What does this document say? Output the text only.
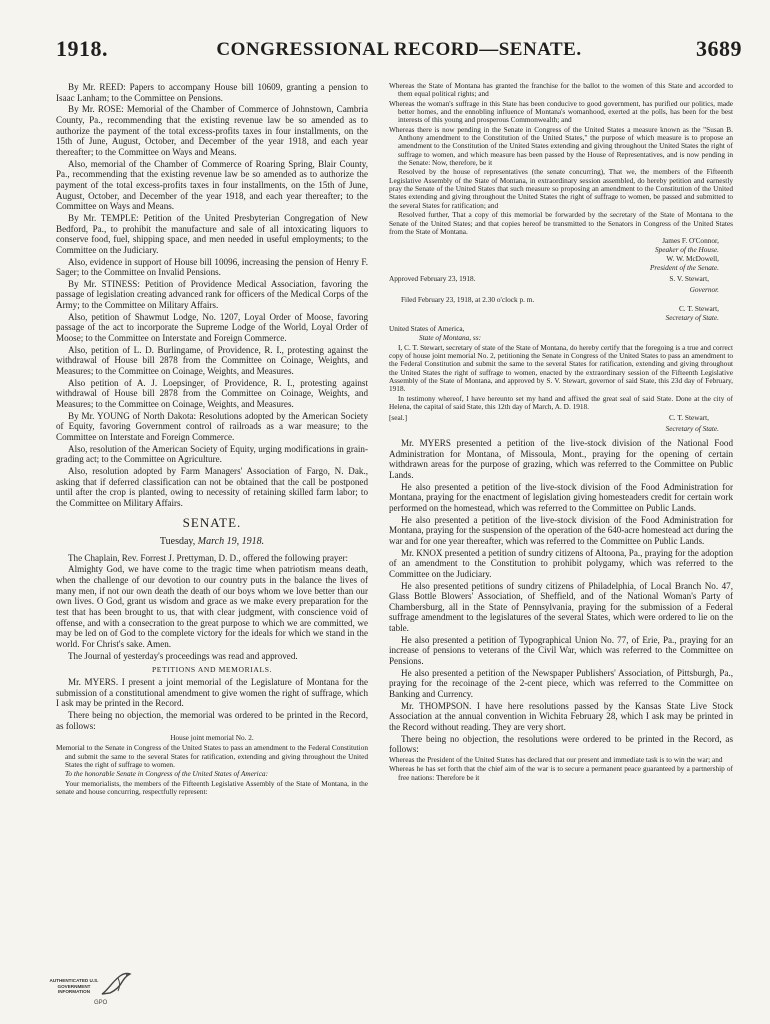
1918.	CONGRESSIONAL RECORD—SENATE.	3689

By Mr. REED: Papers to accompany House bill 10609, granting a pension to Isaac Lanham; to the Committee on Pensions.

By Mr. ROSE: Memorial of the Chamber of Commerce of Johnstown, Cambria County, Pa., recommending that the existing revenue law be so amended as to authorize the payment of the total excess-profits taxes in four installments, on the 15th of June, August, October, and December of the year 1918, and each year thereafter; to the Committee on Ways and Means.

Also, memorial of the Chamber of Commerce of Roaring Spring, Blair County, Pa., recommending that the existing revenue law be so amended as to authorize the payment of the total excess-profits taxes in four installments, on the 15th of June, August, October, and December of the year 1918, and each year thereafter; to the Committee on Ways and Means.

By Mr. TEMPLE: Petition of the United Presbyterian Congregation of New Bedford, Pa., to prohibit the manufacture and sale of all intoxicating liquors to conserve food, fuel, shipping space, and men needed in useful employments; to the Committee on the Judiciary.

Also, evidence in support of House bill 10096, increasing the pension of Henry F. Sager; to the Committee on Invalid Pensions.

By Mr. STINESS: Petition of Providence Medical Association, favoring the passage of legislation creating advanced rank for officers of the Medical Corps of the Army; to the Committee on Military Affairs.

Also, petition of Shawmut Lodge, No. 1207, Loyal Order of Moose, favoring passage of the act to incorporate the Supreme Lodge of the World, Loyal Order of Moose; to the Committee on Interstate and Foreign Commerce.

Also, petition of L. D. Burlingame, of Providence, R. I., protesting against the withdrawal of House bill 2878 from the Committee on Coinage, Weights, and Measures; to the Committee on Coinage, Weights, and Measures.

Also petition of A. J. Loepsinger, of Providence, R. I., protesting against withdrawal of House bill 2878 from the Committee on Coinage, Weights, and Measures; to the Committee on Coinage, Weights, and Measures.

By Mr. YOUNG of North Dakota: Resolutions adopted by the American Society of Equity, favoring Government control of railroads as a war measure; to the Committee on Interstate and Foreign Commerce.

Also, resolution of the American Society of Equity, urging modifications in grain-grading act; to the Committee on Agriculture.

Also, resolution adopted by Farm Managers' Association of Fargo, N. Dak., asking that if deferred classification can not be obtained that the call be postponed until after the crop is planted, owing to necessity of retaining skilled farm labor; to the Committee on Military Affairs.

SENATE.
Tuesday, March 19, 1918.

The Chaplain, Rev. Forrest J. Prettyman, D. D., offered the following prayer:

Almighty God, we have come to the tragic time when patriotism means death, when the challenge of our devotion to our country puts in the balance the lives of many men, if not our own death the death of our boys whom we love better than our own lives. O God, grant us wisdom and grace as we make every preparation for the test that has been brought to us, that with clear judgment, with conscience void of offense, and with a consecration to the great purpose to which we are committed, we may be led on of God to the complete victory for the ideals for which we stand in the world. For Christ's sake. Amen.

The Journal of yesterday's proceedings was read and approved.

PETITIONS AND MEMORIALS.

Mr. MYERS. I present a joint memorial of the Legislature of Montana for the submission of a constitutional amendment to give women the right of suffrage, which I ask may be printed in the Record.

There being no objection, the memorial was ordered to be printed in the Record, as follows:

House joint memorial No. 2.

Memorial to the Senate in Congress of the United States to pass an amendment to the Federal Constitution and submit the same to the several States for ratification, extending and giving throughout the United States the right of suffrage to women.

To the honorable Senate in Congress of the United States of America:

Your memorialists, the members of the Fifteenth Legislative Assembly of the State of Montana, in the senate and house concurring, respectfully represent:

Whereas the State of Montana has granted the franchise for the ballot to the women of this State and accorded to them equal political rights; and

Whereas the woman's suffrage in this State has been conducive to good government, has purified our politics, made better homes, and the ennobling influence of Montana's womanhood, exerted at the polls, has been for the best interests of this young and prosperous Commonwealth; and

Whereas there is now pending in the Senate in Congress of the United States a measure known as the "Susan B. Anthony amendment to the Constitution of the United States," the purpose of which measure is to propose an amendment to the Constitution of the United States extending and giving throughout the United States the right of suffrage to women, and which measure has been passed by the House of Representatives, and is now pending in the Senate: Now, therefore, be it

Resolved by the house of representatives (the senate concurring), That we, the members of the Fifteenth Legislative Assembly of the State of Montana, in extraordinary session assembled, do hereby petition and earnestly pray the Senate of the United States that such measure so proposing an amendment to the Constitution of the United States extending and giving throughout the United States the right of suffrage to women, be passed and submitted to the several States for ratification; and

Resolved further, That a copy of this memorial be forwarded by the secretary of the State of Montana to the Senate of the United States; and that copies hereof be transmitted to the Senators in Congress of the United States from the State of Montana.

James F. O'Connor,

Speaker of the House.

W. W. McDowell,

President of the Senate.

Approved February 23, 1918.	S. V. Stewart,

Governor.

Filed February 23, 1918, at 2.30 o'clock p. m.

C. T. Stewart,

Secretary of State.

United States of America,

State of Montana, ss:

I, C. T. Stewart, secretary of state of the State of Montana, do hereby certify that the foregoing is a true and correct copy of house joint memorial No. 2, petitioning the Senate in Congress of the United States to pass an amendment to the Federal Constitution and submit the same to the several States for ratification, extending and giving throughout the United States the right of suffrage to women, enacted by the extraordinary session of the Fifteenth Legislative Assembly of the State of Montana, and approved by S. V. Stewart, governor of said State, this 23d day of February, 1918.

In testimony whereof, I have hereunto set my hand and affixed the great seal of said State. Done at the city of Helena, the capital of said State, this 12th day of March, A. D. 1918.

[seal.]	C. T. Stewart,

Secretary of State.

Mr. MYERS presented a petition of the live-stock division of the National Food Administration for Montana, of Missoula, Mont., praying for the opening of certain withdrawn areas for the purpose of grazing, which was referred to the Committee on Public Lands.

He also presented a petition of the live-stock division of the Food Administration for Montana, praying for the enactment of legislation giving homesteaders credit for certain work performed on the homestead, which was referred to the Committee on Public Lands.

He also presented a petition of the live-stock division of the Food Administration for Montana, praying for the suspension of the operation of the 640-acre homestead act during the war and for one year thereafter, which was referred to the Committee on Public Lands.

Mr. KNOX presented a petition of sundry citizens of Altoona, Pa., praying for the adoption of an amendment to the Constitution to prohibit polygamy, which was referred to the Committee on the Judiciary.

He also presented petitions of sundry citizens of Philadelphia, of Local Branch No. 47, Glass Bottle Blowers' Association, of Sheffield, and of the National Woman's Party of Chambersburg, all in the State of Pennsylvania, praying for the submission of a Federal suffrage amendment to the legislatures of the several States, which were ordered to lie on the table.

He also presented a petition of Typographical Union No. 77, of Erie, Pa., praying for an increase of pensions to veterans of the Civil War, which was referred to the Committee on Pensions.

He also presented a petition of the Newspaper Publishers' Association, of Pittsburgh, Pa., praying for the recoinage of the 2-cent piece, which was referred to the Committee on Banking and Currency.

Mr. THOMPSON. I have here resolutions passed by the Kansas State Live Stock Association at the annual convention in Wichita February 28, which I ask may be printed in the Record without reading. They are very short.

There being no objection, the resolutions were ordered to be printed in the Record, as follows:

Whereas the President of the United States has declared that our present and immediate task is to win the war; and

Whereas he has set forth that the chief aim of the war is to secure a permanent peace guaranteed by a partnership of free nations: Therefore be it

AUTHENTICATED U.S. GOVERNMENT INFORMATION
GPO
